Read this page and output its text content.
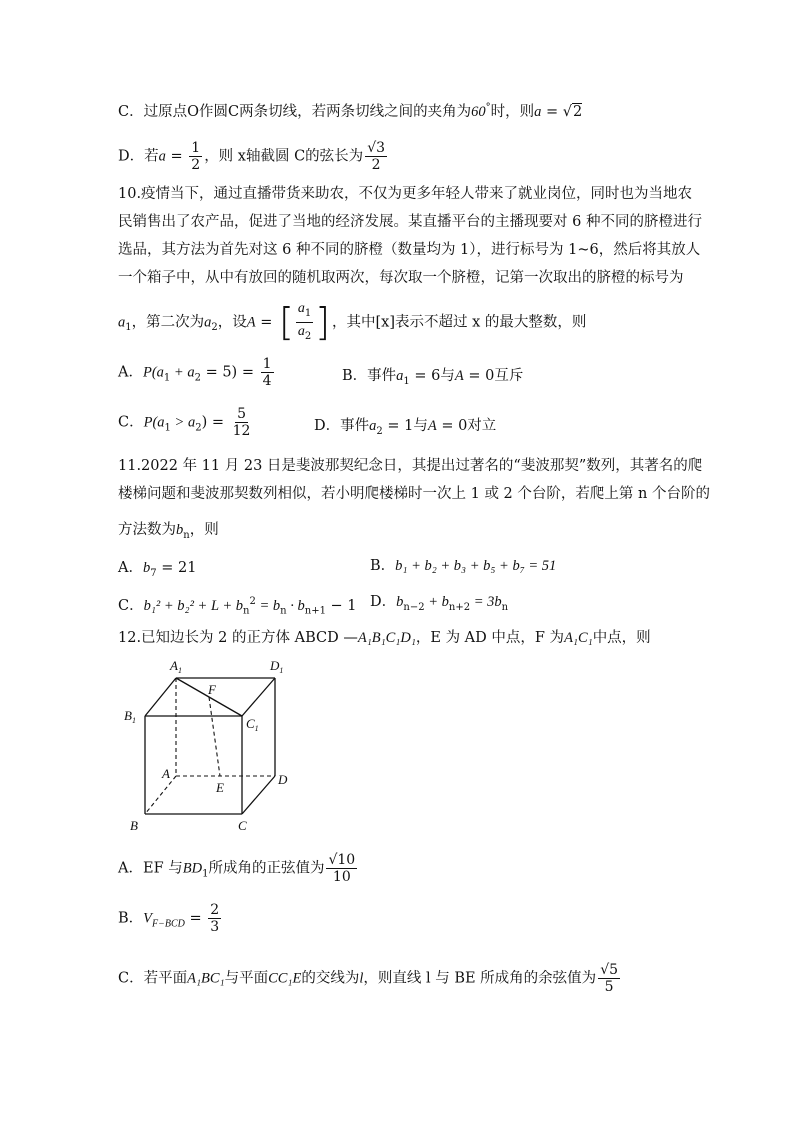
C．过原点O作圆C两条切线，若两条切线之间的夹角为60°时，则a = √2
D．若$a = \frac{1}{2}$ ，则 x轴截圆 C的弦长为 $\frac{√3}{2}$
10.疫情当下，通过直播带货来助农，不仅为更多年轻人带来了就业岗位，同时也为当地农
民销售出了农产品，促进了当地的经济发展。某直播平台的主播现要对 6 种不同的脐橙进行
选品，其方法为首先对这 6 种不同的脐橙（数量均为 1），进行标号为 1~6，然后将其放人
一个箱子中，从中有放回的随机取两次，每次取一个脐橙，记第一次取出的脐橙的标号为
$a_1$，第二次为$a_2$，设A = [ $\frac{a_1}{a_2}$ ] ，其中[x]表示不超过 x 的最大整数，则
A．$P(a_1 + a_2 = 5) = \frac{1}{4}$	B．事件$a_1 = 6$与A = 0互斥
C．$P(a_1 > a_2) = \frac{5}{12}$	D．事件$a_2 = 1$与A = 0对立
11.2022 年 11 月 23 日是斐波那契纪念日，其提出过著名的“斐波那契”数列，其著名的爬
楼梯问题和斐波那契数列相似，若小明爬楼梯时一次上 1 或 2 个台阶，若爬上第 n 个台阶的
方法数为$b_n$，则
A．$b_7 = 21$	B．b₁ + b₂ + b₃ + b₅ + b₇ = 51
C．$b_1^2 + b_2^2 + L + b_n^2 = b_n \cdot b_{n+1} - 1$ D．$b_{n-2} + b_{n+2} = 3b_n$
12.已知边长为 2 的正方体 ABCD —A₁B₁C₁D₁，E 为 AD 中点，F 为A₁C₁中点，则
$A_1$	$D_1$
$B_1$	$C_1$
F
A
E
D
B	C
A．EF 与$BD_1$所成角的正弦值为 $\frac{√10}{10}$
B．$V_{F-BCD} = \frac{2}{3}$
C．若平面A₁BC₁与平面CC₁E的交线为l，则直线 l 与 BE 所成角的余弦值为 $\frac{√5}{5}$
